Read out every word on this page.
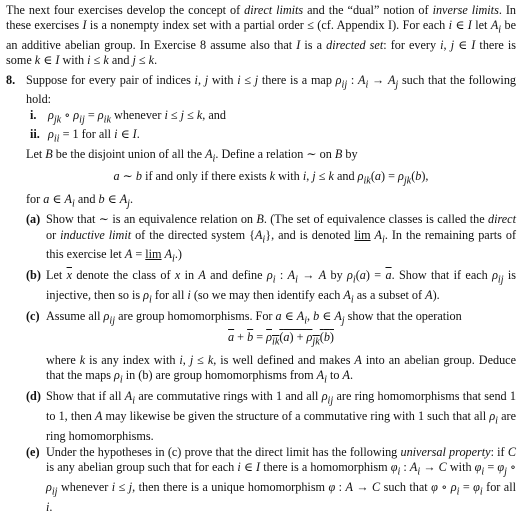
The next four exercises develop the concept of direct limits and the “dual” notion of inverse limits. In these exercises I is a nonempty index set with a partial order ≤ (cf. Appendix I). For each i ∈ I let $A_i$ be an additive abelian group. In Exercise 8 assume also that I is a directed set: for every i, j ∈ I there is some k ∈ I with i ≤ k and j ≤ k.

8. Suppose for every pair of indices i, j with i ≤ j there is a map $\rho_{ij}$ : $A_i \to A_j$ such that the following hold:

i. $\rho_{jk}$ ∘ $\rho_{ij} = \rho_{ik}$ whenever i ≤ j ≤ k, and
ii. $\rho_{ii} = 1$ for all i ∈ I.

Let B be the disjoint union of all the $A_i$. Define a relation ∼ on B by

a ∼ b if and only if there exists k with i, j ≤ k and $\rho_{ik}(a) = \rho_{jk}(b)$,

for a ∈ $A_i$ and b ∈ $A_j$.

(a) Show that ∼ is an equivalence relation on B. (The set of equivalence classes is called the direct or inductive limit of the directed system $\{A_i\}$, and is denoted $\lim A_i$. In the remaining parts of this exercise let $A = \lim A_i$.)

(b) Let $\overline{x}$ denote the class of x in A and define $\rho_i$ : $A_i \to A$ by $\rho_i(a) = \overline{a}$. Show that if each $\rho_{ij}$ is injective, then so is $\rho_i$ for all i (so we may then identify each $A_i$ as a subset of A).

(c) Assume all $\rho_{ij}$ are group homomorphisms. For a ∈ $A_i$, b ∈ $A_j$ show that the operation

$\overline{a} + \overline{b} = \rho_{ik}(a) + \rho_{jk}(b)$

where k is any index with i, j ≤ k, is well defined and makes A into an abelian group. Deduce that the maps $\rho_i$ in (b) are group homomorphisms from $A_i$ to A.

(d) Show that if all $A_i$ are commutative rings with 1 and all $\rho_{ij}$ are ring homomorphisms that send 1 to 1, then A may likewise be given the structure of a commutative ring with 1 such that all $\rho_i$ are ring homomorphisms.

(e) Under the hypotheses in (c) prove that the direct limit has the following universal property: if C is any abelian group such that for each i ∈ I there is a homomorphism $\varphi_i$ : $A_i \to C$ with $\varphi_i = \varphi_j$ ∘ $\rho_{ij}$ whenever i ≤ j, then there is a unique homomorphism φ : A → C such that φ ∘ $\rho_i = \varphi_i$ for all i.
